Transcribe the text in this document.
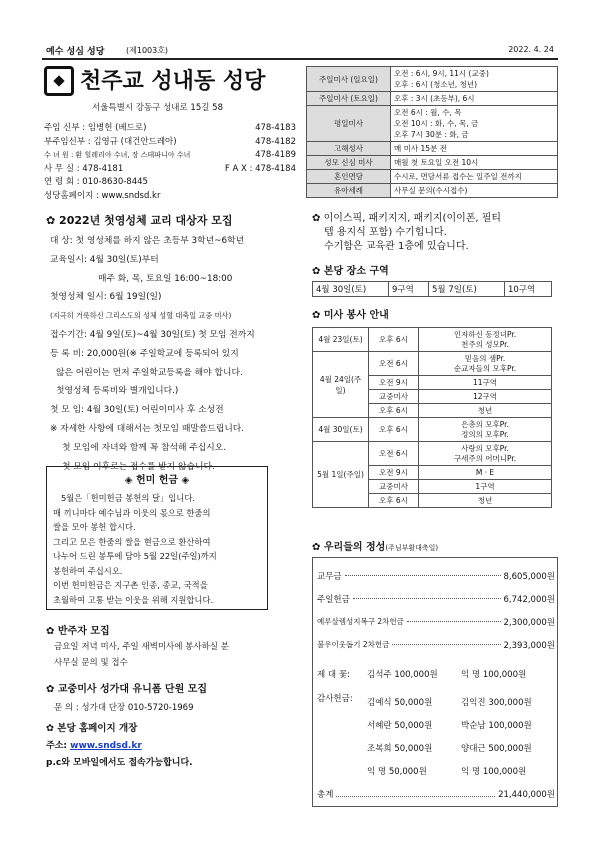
예수 성심 성당	(제1003호)	2022. 4. 24
천주교 성내동 성당
서울특별시 강동구 성내로 15길 58
주임 신부 : 임병헌 (베드로)	478-4183
부주임신부 : 김영규 (대건안드레아)	478-4182
수 녀 원 : 환 힐레리아 수녀, 장 스테파니아 수녀	478-4189
사 무 실 : 478-4181	F A X : 478-4184
연 령 회 : 010-8630-8445
성당홈페이지 : www.sndsd.kr
주일미사 (일요일)	오전 : 6시, 9시, 11시 (교중)
오후 : 6시 (청소년, 청년)
주일미사 (토요일)	오후 : 3시 (초등부), 6시
평일미사	오전 6시 : 월, 수, 목
오전 10시 : 화, 수, 목, 금
오후 7시 30분 : 화, 금
고해성사	매 미사 15분 전
성모 신심 미사	매월 첫 토요일 오전 10시
혼인면담	수시로, 면담서류 접수는 일주일 전까지
유아세례	사무실 문의(수시접수)
✿ 2022년 첫영성체 교리 대상자 모집
대 상: 첫 영성체를 하지 않은 초등부 3학년~6학년
교육일시: 4월 30일(토)부터
매주 화, 목, 토요일 16:00~18:00
첫영성체 일시: 6월 19일(일)
(지극히 거룩하신 그리스도의 성체 성혈 대축일 교중 미사)
접수기간: 4월 9일(토)~4월 30일(토) 첫 모임 전까지
등 록 비: 20,000원(※ 주일학교에 등록되어 있지
않은 어린이는 먼저 주일학교등록을 해야 합니다.
첫영성체 등록비와 별개입니다.)
첫 모 임: 4월 30일(토) 어린이미사 후 소성전
※ 자세한 사항에 대해서는 첫모임 때말씀드립니다.
첫 모임에 자녀와 함께 꼭 참석해 주십시오.
첫 모임 이후로는 접수를 받지 않습니다.
◈ 헌미 헌금 ◈
5월은「헌미헌금 봉헌의 달」입니다.
매 끼니마다 예수님과 이웃의 몫으로 한줌의
쌀을 모아 봉헌 합시다.
그리고 모은 한줌의 쌀을 현금으로 환산하여
나누어 드린 봉투에 담아 5월 22일(주일)까지
봉헌하여 주십시오.
이번 헌미헌금은 지구촌 인종, 종교, 국적을
초월하여 고통 받는 이웃을 위해 지원합니다.
✿ 반주자 모집
금요일 저녁 미사, 주일 새벽미사에 봉사하실 분
사무실 문의 및 접수
✿ 교중미사 성가대 유니폼 단원 모집
문 의 : 성가대 단장 010-5720-1969
✿ 본당 홈페이지 개장
주소: www.sndsd.kr
p.c와 모바일에서도 접속가능합니다.
✿ 이이스픽, 패키지지, 패키지(이이폰, 필티
텝 용지식 포함) 수기힙니다.
수기함은 교육관 1층에 있습니다.
✿ 본당 장소 구역
4월 30일(토)	9구역	5월 7일(토)	10구역
✿ 미사 봉사 안내
4월 23일(토)	오후 6시	인자하신 동정녀Pr.
천주의 성모Pr.
4월 24일(주일)	오전 6시	믿음의 샘Pr.
순교자들의 모후Pr.
	오전 9시	11구역
	교중미사	12구역
	오후 6시	청년
4월 30일(토)	오후 6시	은총의 모후Pr.
정의의 모후Pr.
5월 1일(주일)	오전 6시	사랑의 모후Pr.
구세주의 어머니Pr.
	오전 9시	M · E
	교중미사	1구역
	오후 6시	청년
✿ 우리들의 정성(주님부활대축일)
교무금	8,605,000원
주일헌금	6,742,000원
예루살렘성지복구 2차헌금	2,300,000원
불우이웃돕기 2차헌금	2,393,000원
제 대 꽃: 김석주 100,000원	익 명 100,000원
감사헌금: 김예식 50,000원	김익진 300,000원
서혜란 50,000원	박순남 100,000원
조복희 50,000원	양대근 500,000원
익 명 50,000원	익 명 100,000원
총계	21,440,000원
